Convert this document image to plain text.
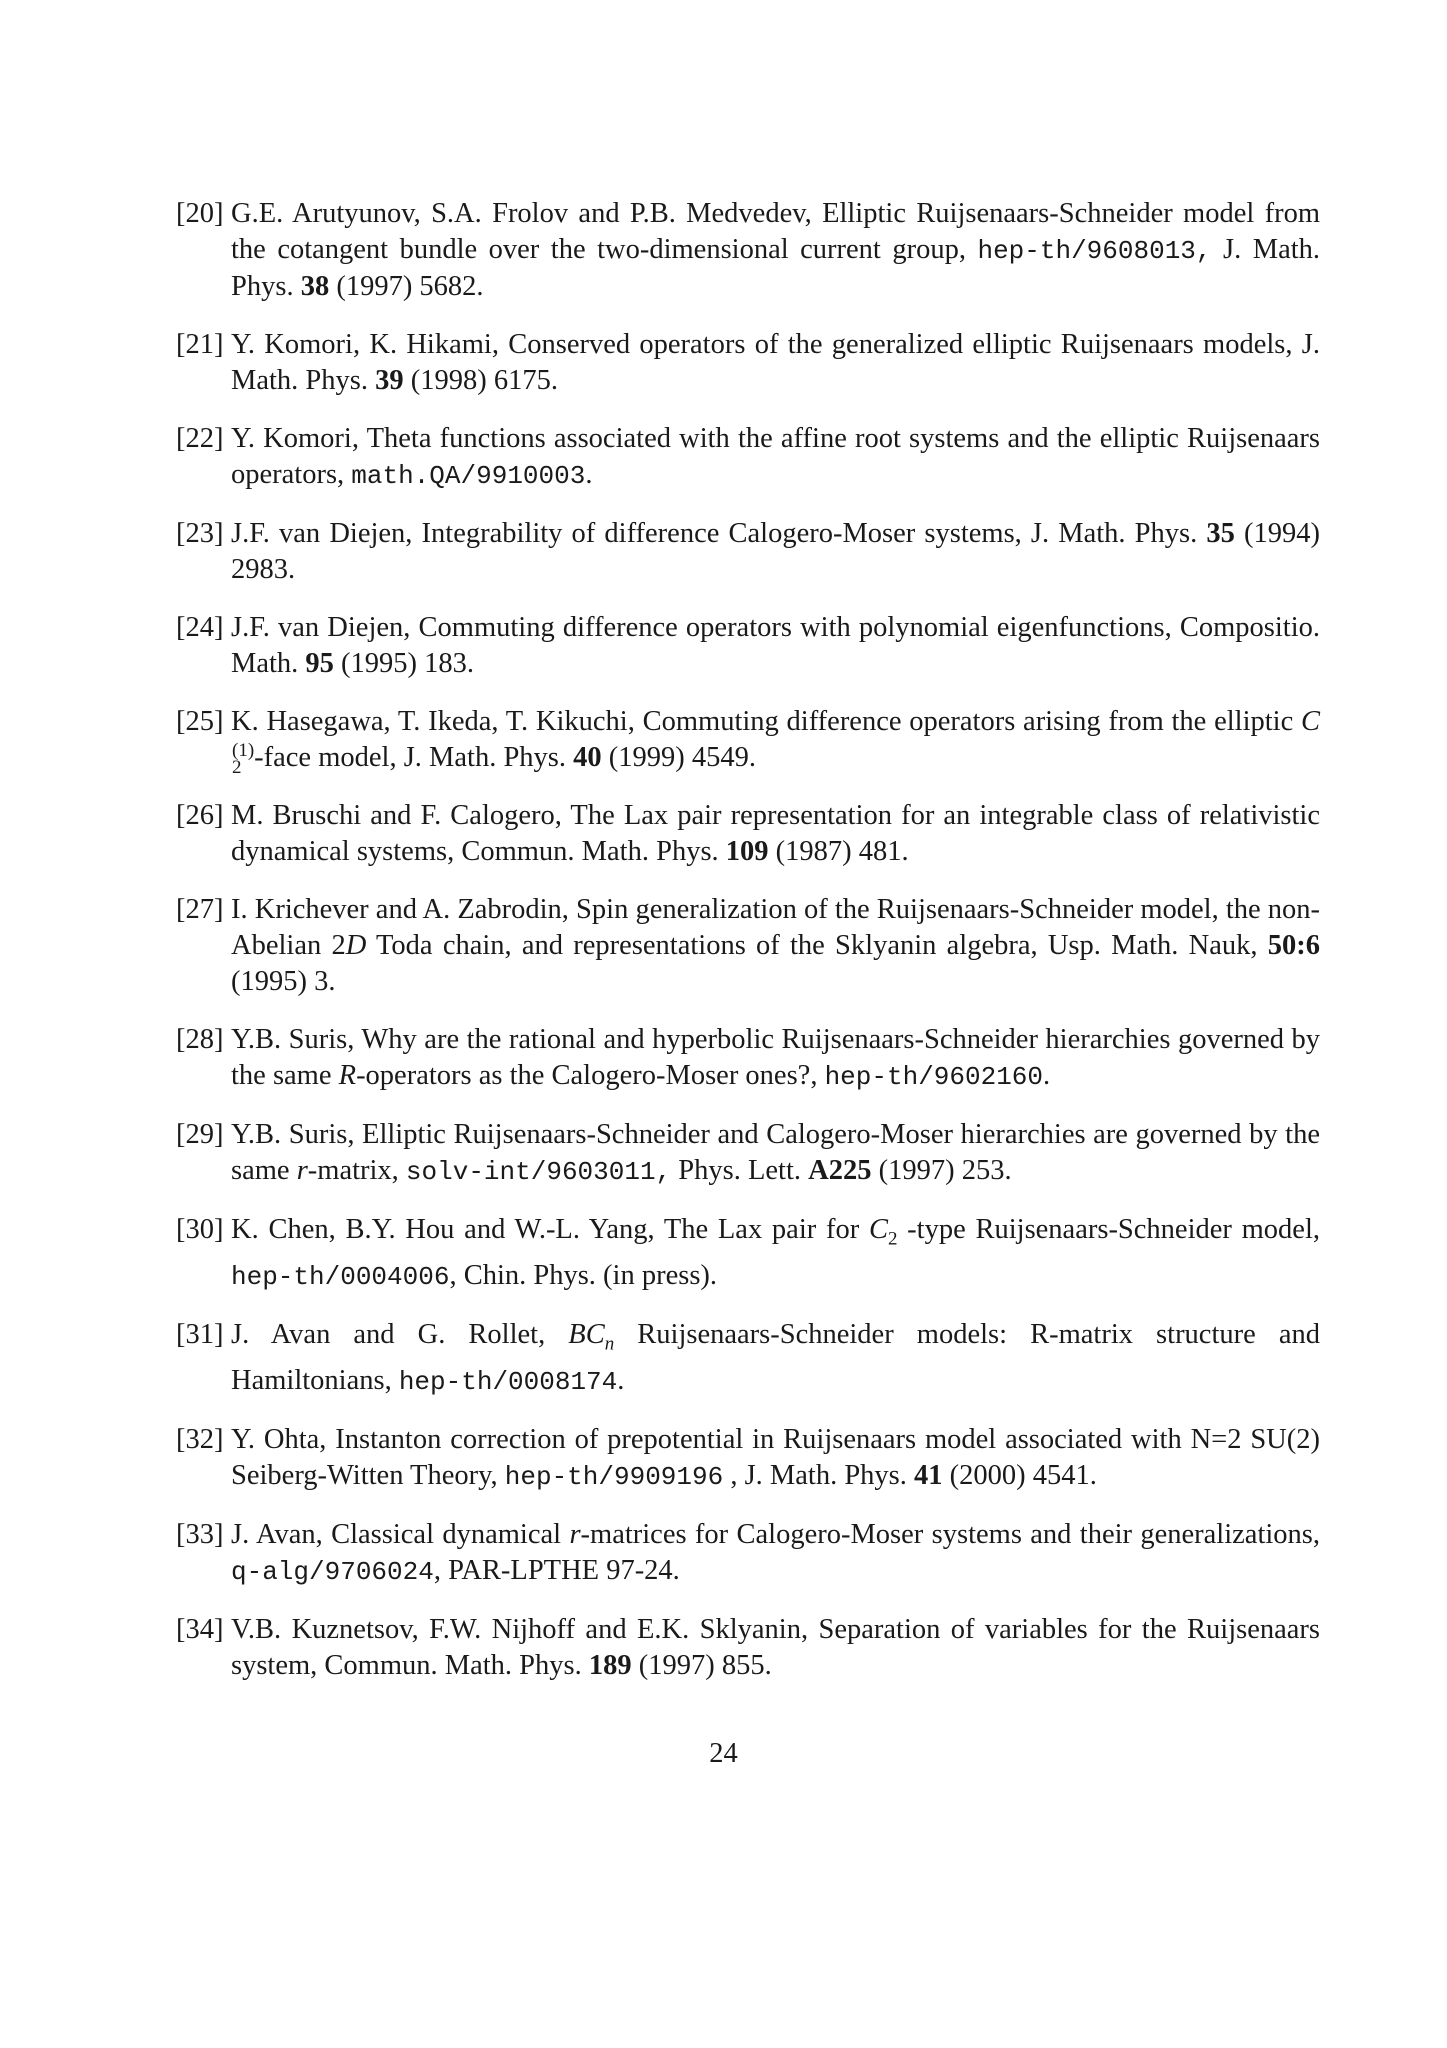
[20] G.E. Arutyunov, S.A. Frolov and P.B. Medvedev, Elliptic Ruijsenaars-Schneider model from the cotangent bundle over the two-dimensional current group, hep-th/9608013, J. Math. Phys. 38 (1997) 5682.
[21] Y. Komori, K. Hikami, Conserved operators of the generalized elliptic Ruijsenaars models, J. Math. Phys. 39 (1998) 6175.
[22] Y. Komori, Theta functions associated with the affine root systems and the elliptic Ruijsenaars operators, math.QA/9910003.
[23] J.F. van Diejen, Integrability of difference Calogero-Moser systems, J. Math. Phys. 35 (1994) 2983.
[24] J.F. van Diejen, Commuting difference operators with polynomial eigenfunctions, Compositio. Math. 95 (1995) 183.
[25] K. Hasegawa, T. Ikeda, T. Kikuchi, Commuting difference operators arising from the elliptic C
(1)
2 -face model, J. Math. Phys. 40 (1999) 4549.
[26] M. Bruschi and F. Calogero, The Lax pair representation for an integrable class of relativistic dynamical systems, Commun. Math. Phys. 109 (1987) 481.
[27] I. Krichever and A. Zabrodin, Spin generalization of the Ruijsenaars-Schneider model, the non-Abelian 2D Toda chain, and representations of the Sklyanin algebra, Usp. Math. Nauk, 50:6 (1995) 3.
[28] Y.B. Suris, Why are the rational and hyperbolic Ruijsenaars-Schneider hierarchies governed by the same R-operators as the Calogero-Moser ones?, hep-th/9602160.
[29] Y.B. Suris, Elliptic Ruijsenaars-Schneider and Calogero-Moser hierarchies are governed by the same r-matrix, solv-int/9603011, Phys. Lett. A225 (1997) 253.
[30] K. Chen, B.Y. Hou and W.-L. Yang, The Lax pair for $C_2$ -type Ruijsenaars-Schneider model, hep-th/0004006, Chin. Phys. (in press).
[31] J. Avan and G. Rollet, $BC_n$ Ruijsenaars-Schneider models: R-matrix structure and Hamiltonians, hep-th/0008174.
[32] Y. Ohta, Instanton correction of prepotential in Ruijsenaars model associated with N=2 SU(2) Seiberg-Witten Theory, hep-th/9909196 , J. Math. Phys. 41 (2000) 4541.
[33] J. Avan, Classical dynamical r-matrices for Calogero-Moser systems and their generalizations, q-alg/9706024, PAR-LPTHE 97-24.
[34] V.B. Kuznetsov, F.W. Nijhoff and E.K. Sklyanin, Separation of variables for the Ruijsenaars system, Commun. Math. Phys. 189 (1997) 855.
24
